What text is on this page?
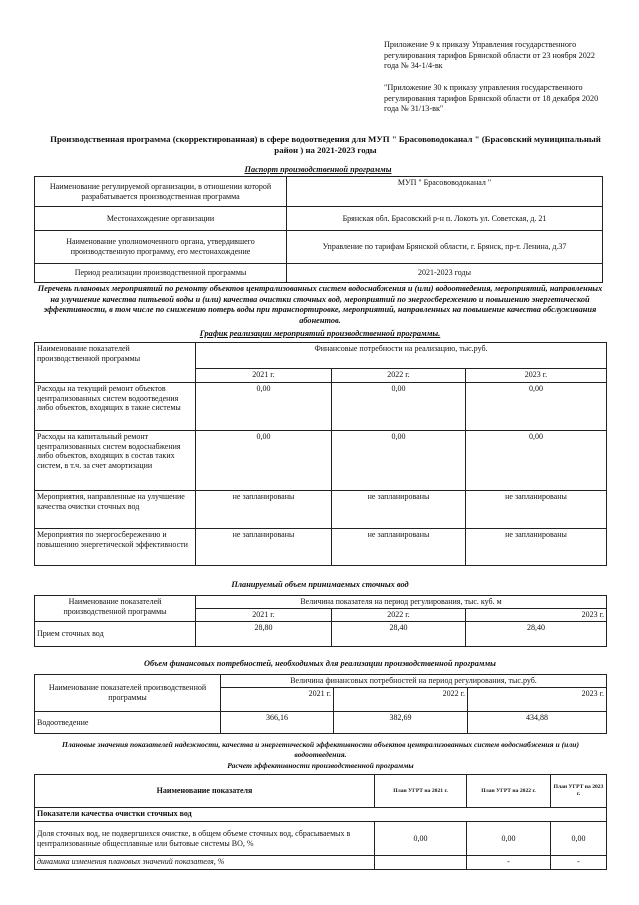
Приложение 9 к приказу Управления государственного регулирования тарифов Брянской области от 23 ноября 2022 года № 34-1/4-вк
"Приложение 30 к приказу управления государственного регулирования тарифов Брянской области от 18 декабря 2020 года № 31/13-вк"
Производственная программа (скорректированная) в сфере водоотведения для МУП " Брасововодоканал " (Брасовский муниципальный район ) на 2021-2023 годы
Паспорт производственной программы
Наименование регулируемой организации, в отношении которой разрабатывается производственная программа	МУП " Брасововодоканал "
Местонахождение организации	Брянская обл. Брасовский р-н п. Локоть ул. Советская, д. 21
Наименование уполномоченного органа, утвердившего производственную программу, его местонахождение	Управление по тарифам Брянской области, г. Брянск, пр-т. Ленина, д.37
Период реализации производственной программы	2021-2023 годы
Перечень плановых мероприятий по ремонту объектов централизованных систем водоснабжения и (или) водоотведения, мероприятий, направленных на улучшение качества питьевой воды и (или) качества очистки сточных вод, мероприятий по энергосбережению и повышению энергетической эффективности, в том числе по снижению потерь воды при транспортировке, мероприятий, направленных на повышение качества обслуживания абонентов.
График реализации мероприятий производственной программы.
Наименование показателей производственной программы	Финансовые потребности на реализацию, тыс.руб.		
	2021 г.	2022 г.	2023 г.
Расходы на текущий ремонт объектов централизованных систем водоотведения либо объектов, входящих в такие системы	0,00	0,00	0,00
Расходы на капитальный ремонт централизованных систем водоснабжения либо объектов, входящих в состав таких систем, в т.ч. за счет амортизации	0,00	0,00	0,00
Мероприятия, направленные на улучшение качества очистки сточных вод	не запланированы	не запланированы	не запланированы
Мероприятия по энергосбережению и повышению энергетической эффективности	не запланированы	не запланированы	не запланированы
Планируемый объем принимаемых сточных вод
Наименование показателей производственной программы	Величина показателя на период регулирования, тыс. куб. м		
	2021 г.	2022 г.	2023 г.
Прием сточных вод	28,80	28,40	28,40
Объем финансовых потребностей, необходимых для реализации производственной программы
Наименование показателей производственной программы	Величина финансовых потребностей на период регулирования, тыс.руб.		
	2021 г.	2022 г.	2023 г.
Водоотведение	366,16	382,69	434,88
Плановые значения показателей надежности, качества и энергетической эффективности объектов централизованных систем водоснабжения и (или) водоотведения.
Расчет эффективности производственной программы
Наименование показателя	План УГРТ на 2021 г.	План УГРТ на 2022 г.	План УГРТ на 2023 г.
Показатели качества очистки сточных вод			
Доля сточных вод, не подвергшихся очистке, в общем объеме сточных вод, сбрасываемых в централизованные общесплавные или бытовые системы ВО, %	0,00	0,00	0,00
динамика изменения плановых значений показателя, %		-	-
